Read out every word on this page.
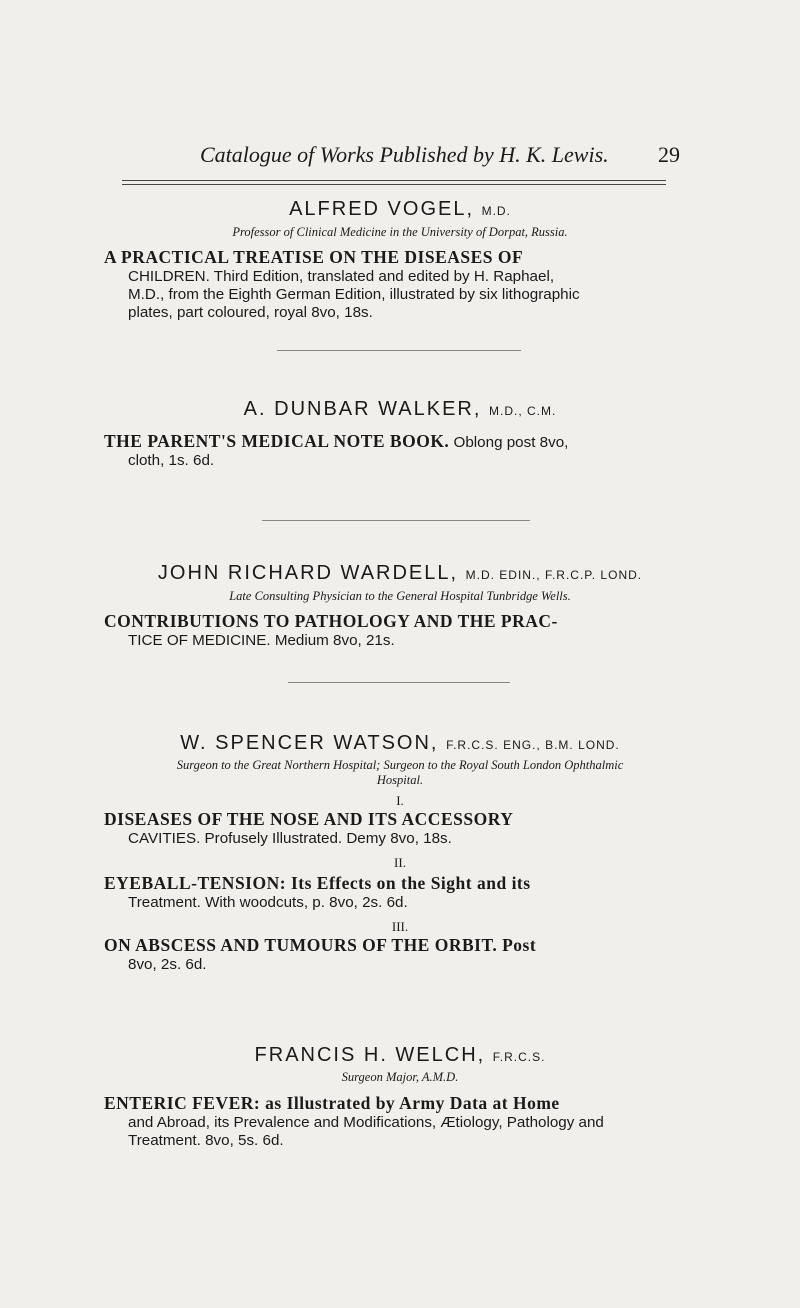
Catalogue of Works Published by H. K. Lewis. 29
ALFRED VOGEL, M.D.
Professor of Clinical Medicine in the University of Dorpat, Russia.
A PRACTICAL TREATISE ON THE DISEASES OF
CHILDREN. Third Edition, translated and edited by H. Raphael,
M.D., from the Eighth German Edition, illustrated by six lithographic
plates, part coloured, royal 8vo, 18s.
A. DUNBAR WALKER, M.D., C.M.
THE PARENT'S MEDICAL NOTE BOOK. Oblong post 8vo,
cloth, 1s. 6d.
JOHN RICHARD WARDELL, M.D. EDIN., F.R.C.P. LOND.
Late Consulting Physician to the General Hospital Tunbridge Wells.
CONTRIBUTIONS TO PATHOLOGY AND THE PRAC-
TICE OF MEDICINE. Medium 8vo, 21s.
W. SPENCER WATSON, F.R.C.S. ENG., B.M. LOND.
Surgeon to the Great Northern Hospital; Surgeon to the Royal South London Ophthalmic
Hospital.
I.
DISEASES OF THE NOSE AND ITS ACCESSORY
CAVITIES. Profusely Illustrated. Demy 8vo, 18s.
II.
EYEBALL-TENSION: Its Effects on the Sight and its
Treatment. With woodcuts, p. 8vo, 2s. 6d.
III.
ON ABSCESS AND TUMOURS OF THE ORBIT. Post
8vo, 2s. 6d.
FRANCIS H. WELCH, F.R.C.S.
Surgeon Major, A.M.D.
ENTERIC FEVER: as Illustrated by Army Data at Home
and Abroad, its Prevalence and Modifications, Ætiology, Pathology and
Treatment. 8vo, 5s. 6d.
